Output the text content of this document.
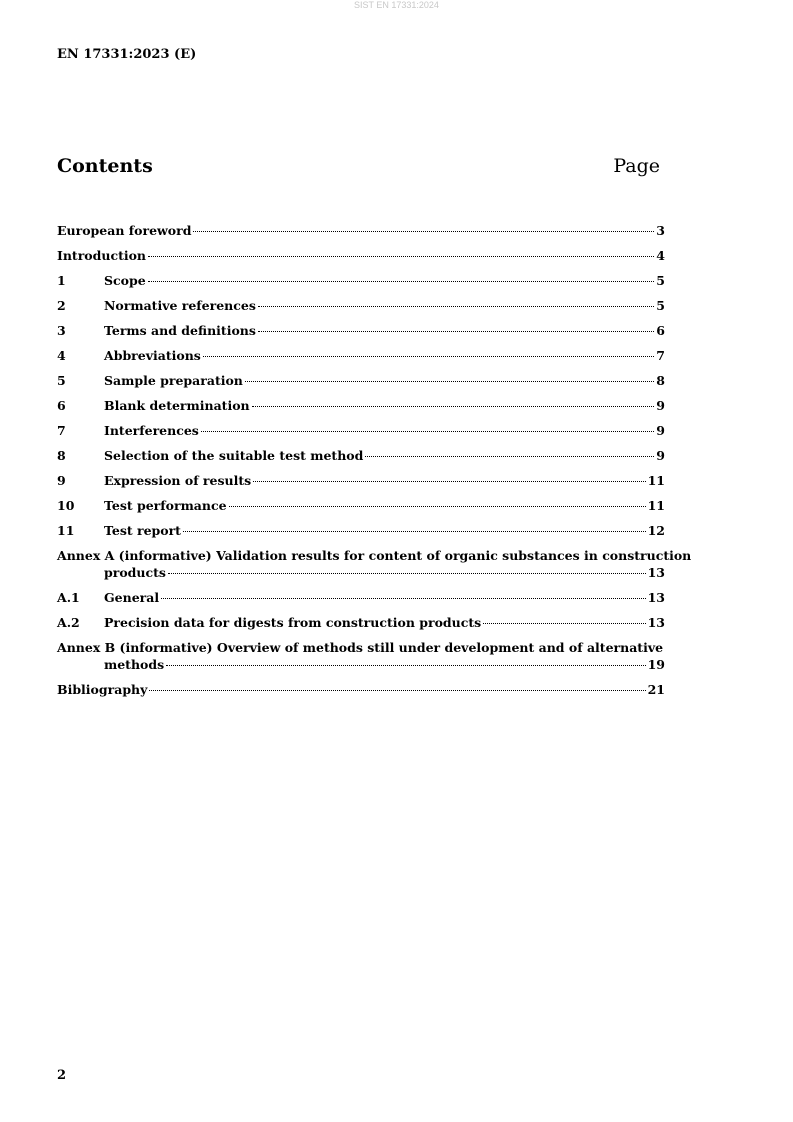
SIST EN 17331:2024
EN 17331:2023 (E)
Contents	Page
European foreword	3
Introduction	4
1	Scope	5
2	Normative references	5
3	Terms and definitions	6
4	Abbreviations	7
5	Sample preparation	8
6	Blank determination	9
7	Interferences	9
8	Selection of the suitable test method	9
9	Expression of results	11
10	Test performance	11
11	Test report	12
Annex A (informative) Validation results for content of organic substances in construction
products	13
A.1	General	13
A.2	Precision data for digests from construction products	13
Annex B (informative) Overview of methods still under development and of alternative
methods	19
Bibliography	21
2
